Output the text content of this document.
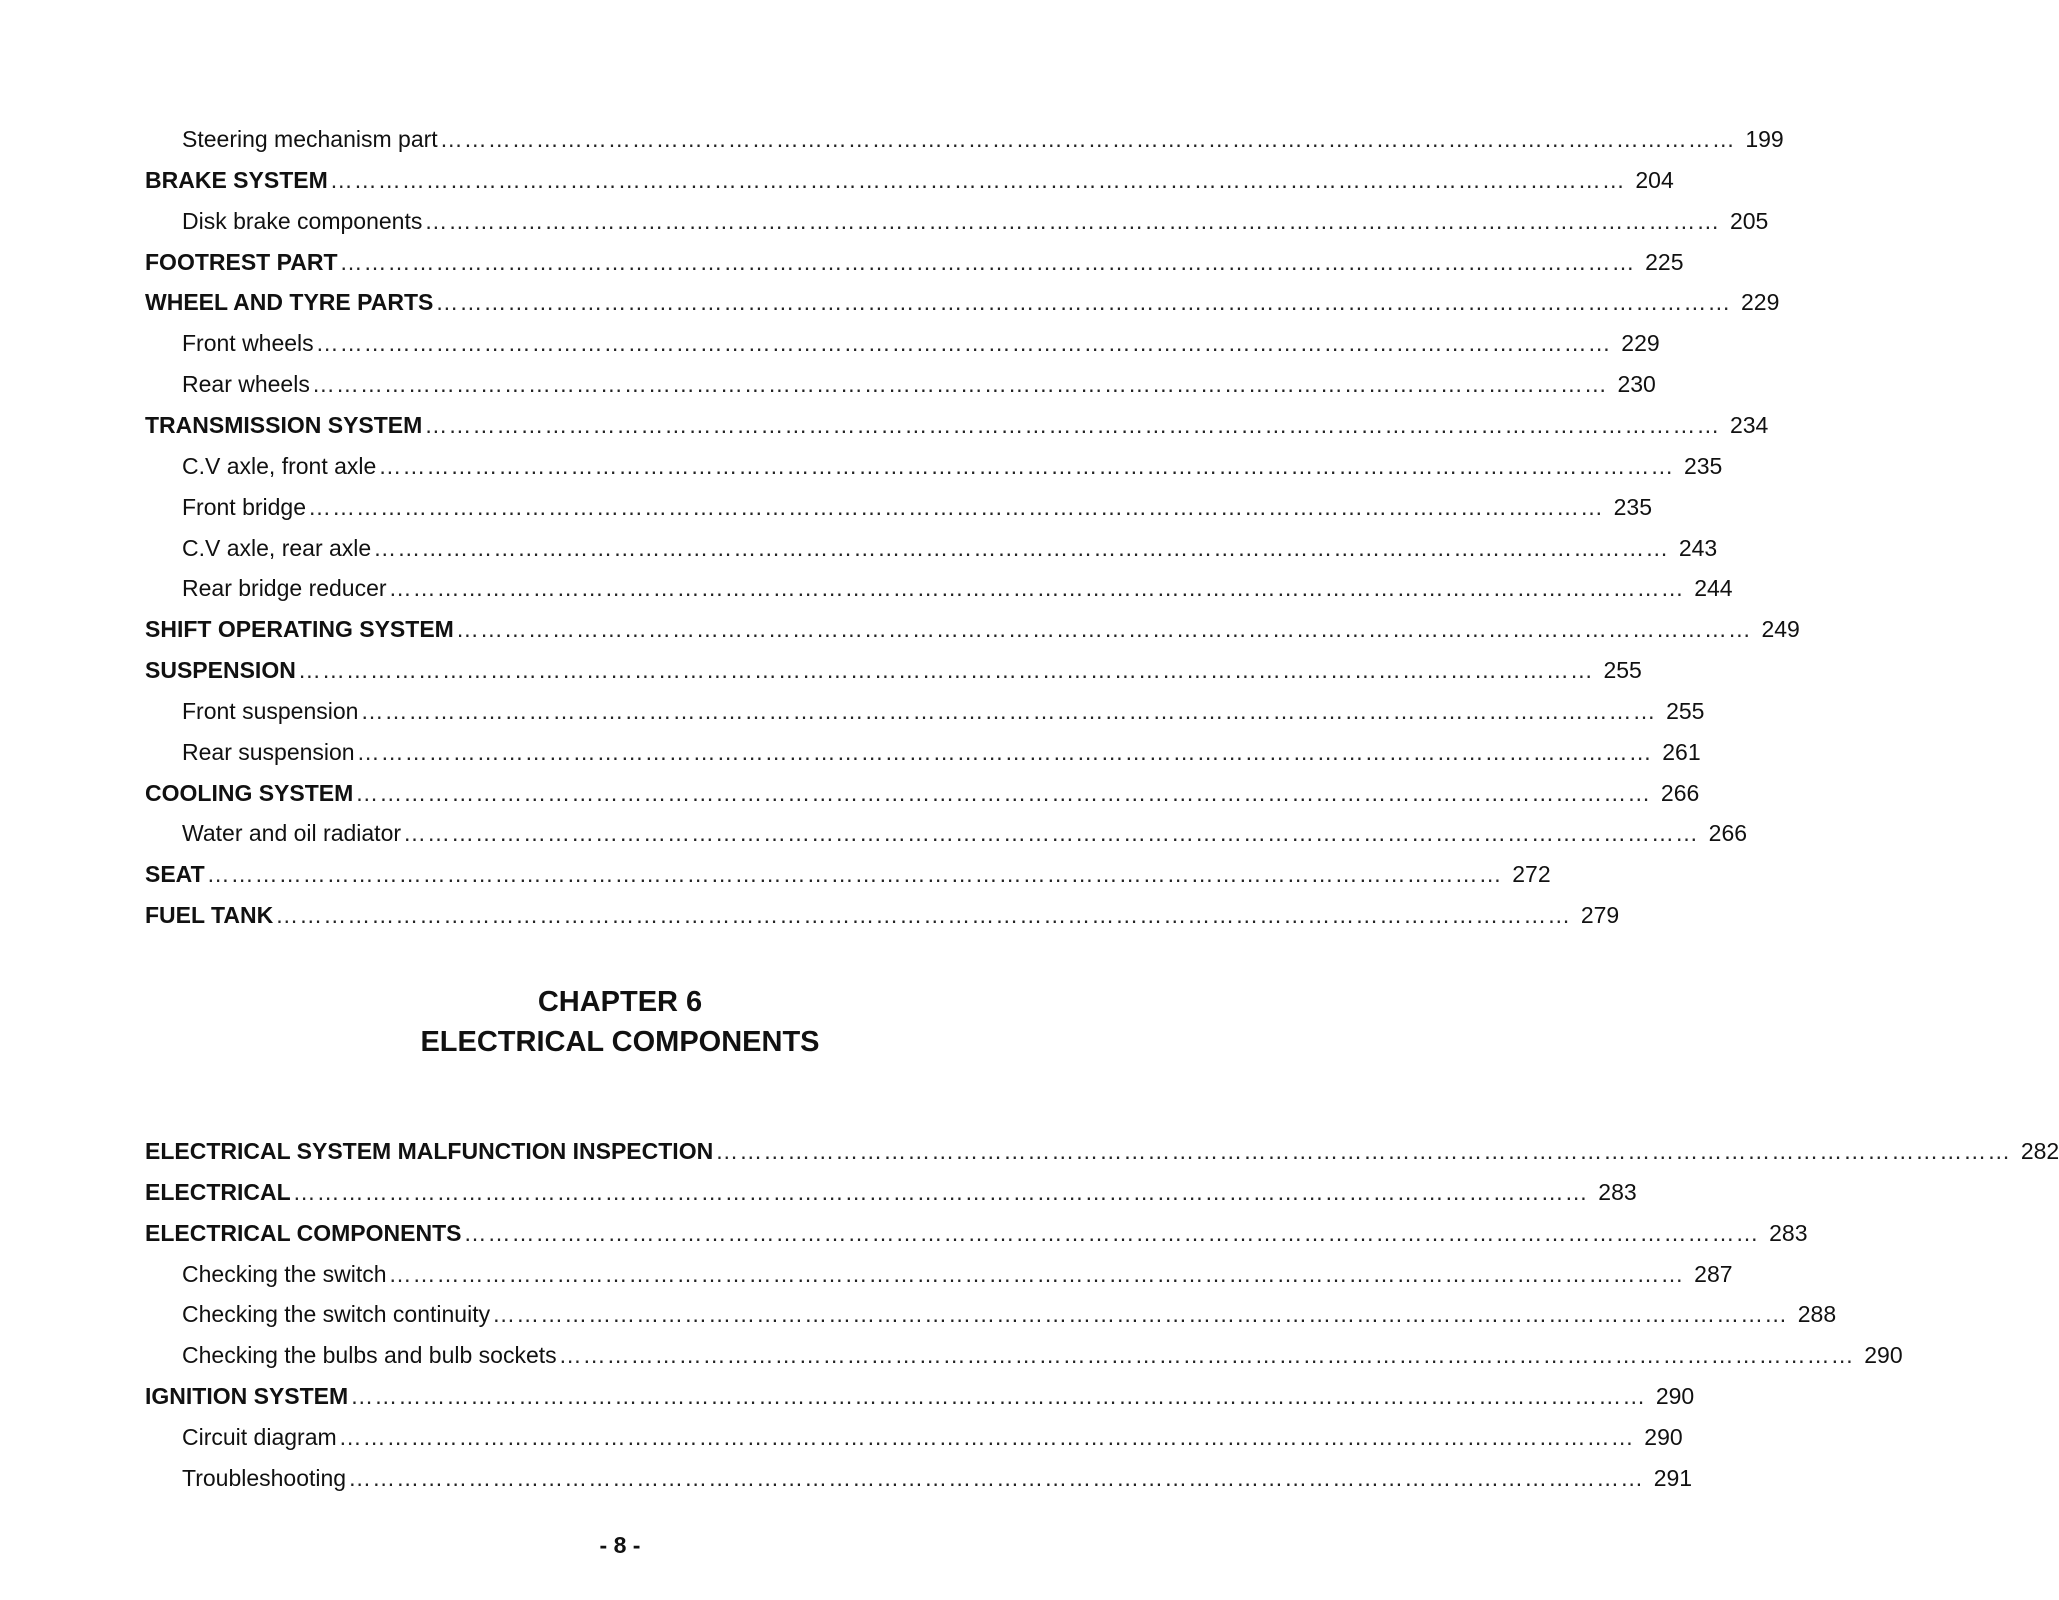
Steering mechanism part ……………………………………………………………………………………………………………………………………………… 199
BRAKE SYSTEM ……………………………………………………………………………………………………………………………………………… 204
Disk brake components ……………………………………………………………………………………………………………………………………………… 205
FOOTREST PART ……………………………………………………………………………………………………………………………………………… 225
WHEEL AND TYRE PARTS ……………………………………………………………………………………………………………………………………………… 229
Front wheels ……………………………………………………………………………………………………………………………………………… 229
Rear wheels ……………………………………………………………………………………………………………………………………………… 230
TRANSMISSION SYSTEM ……………………………………………………………………………………………………………………………………………… 234
C.V axle, front axle ……………………………………………………………………………………………………………………………………………… 235
Front bridge ……………………………………………………………………………………………………………………………………………… 235
C.V axle, rear axle ……………………………………………………………………………………………………………………………………………… 243
Rear bridge reducer ……………………………………………………………………………………………………………………………………………… 244
SHIFT OPERATING SYSTEM ……………………………………………………………………………………………………………………………………………… 249
SUSPENSION ……………………………………………………………………………………………………………………………………………… 255
Front suspension ……………………………………………………………………………………………………………………………………………… 255
Rear suspension ……………………………………………………………………………………………………………………………………………… 261
COOLING SYSTEM ……………………………………………………………………………………………………………………………………………… 266
Water and oil radiator ……………………………………………………………………………………………………………………………………………… 266
SEAT ……………………………………………………………………………………………………………………………………………… 272
FUEL TANK ……………………………………………………………………………………………………………………………………………… 279
CHAPTER 6
ELECTRICAL COMPONENTS
ELECTRICAL SYSTEM MALFUNCTION INSPECTION ……………………………………………………………………………………………………………………………………………… 282
ELECTRICAL ……………………………………………………………………………………………………………………………………………… 283
ELECTRICAL COMPONENTS ……………………………………………………………………………………………………………………………………………… 283
Checking the switch ……………………………………………………………………………………………………………………………………………… 287
Checking the switch continuity ……………………………………………………………………………………………………………………………………………… 288
Checking the bulbs and bulb sockets ……………………………………………………………………………………………………………………………………………… 290
IGNITION SYSTEM ……………………………………………………………………………………………………………………………………………… 290
Circuit diagram ……………………………………………………………………………………………………………………………………………… 290
Troubleshooting ……………………………………………………………………………………………………………………………………………… 291
- 8 -
